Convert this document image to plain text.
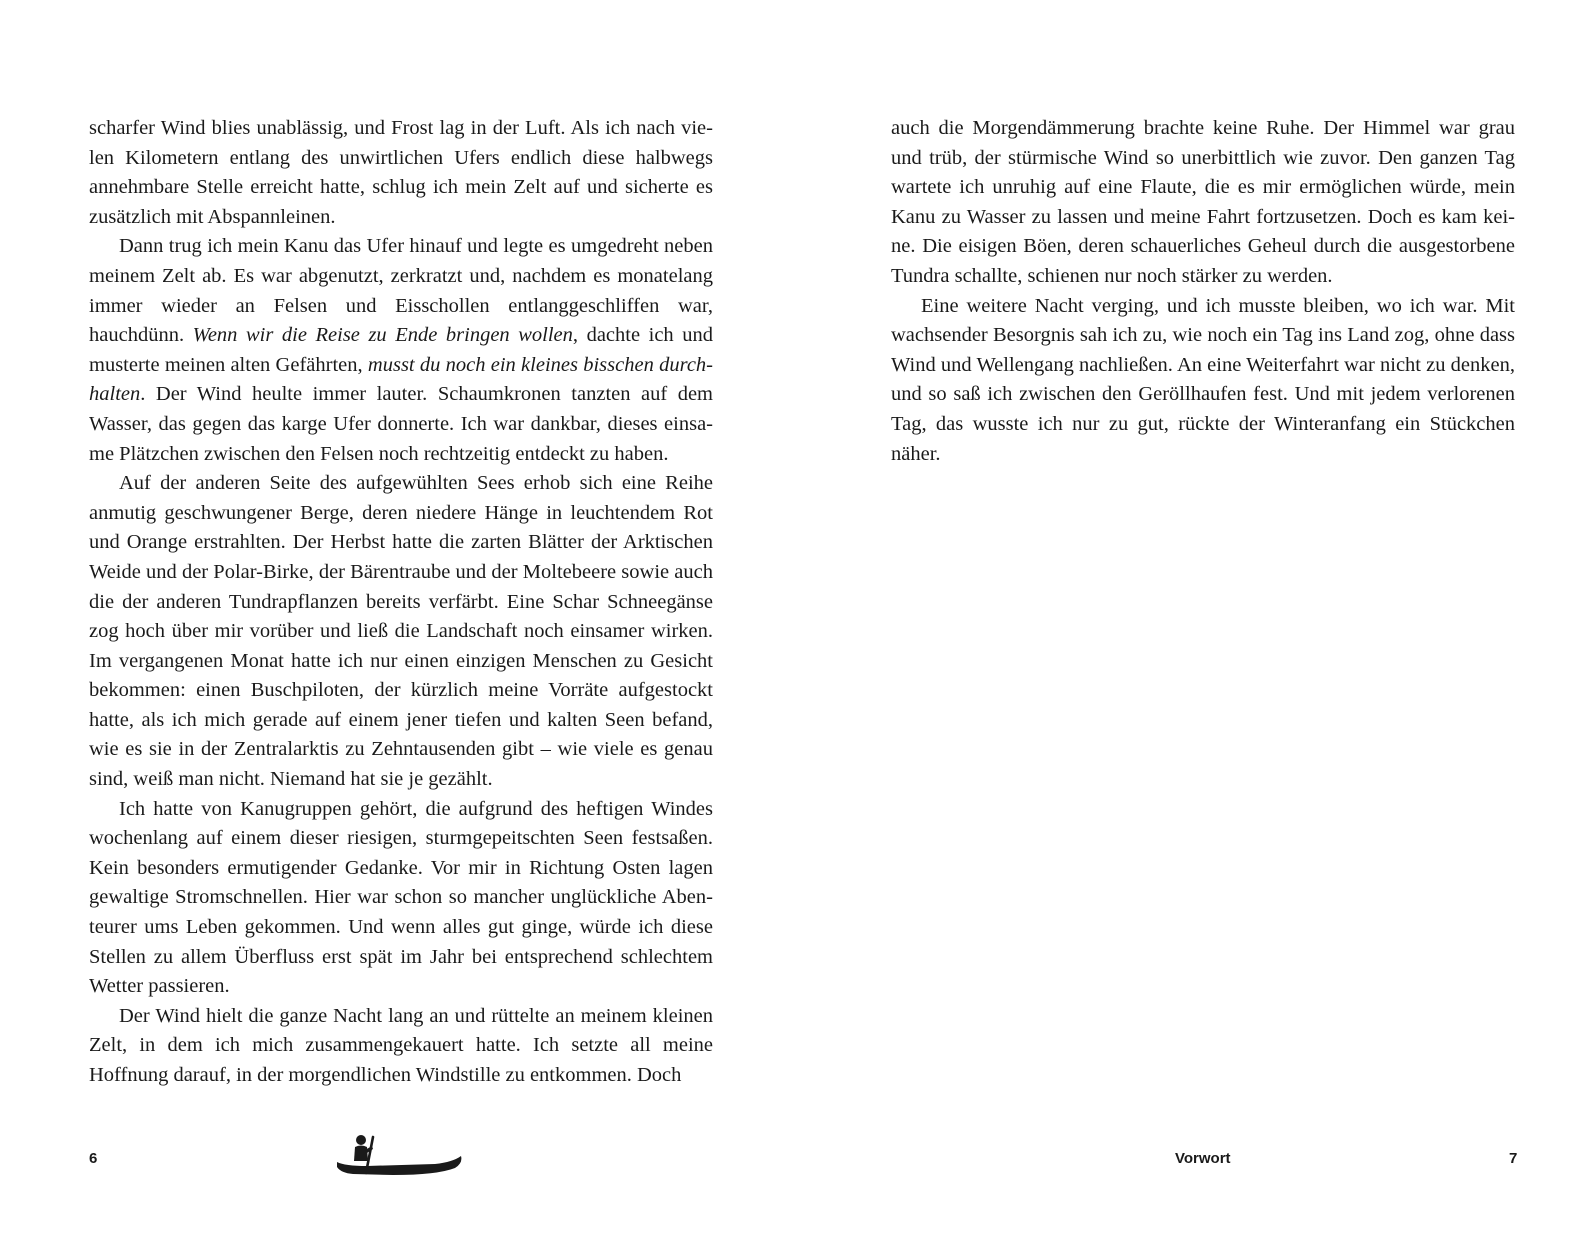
scharfer Wind blies unablässig, und Frost lag in der Luft. Als ich nach vielen Kilometern entlang des unwirtlichen Ufers endlich diese halbwegs annehmbare Stelle erreicht hatte, schlug ich mein Zelt auf und sicherte es zusätzlich mit Abspannleinen.

Dann trug ich mein Kanu das Ufer hinauf und legte es umgedreht neben meinem Zelt ab. Es war abgenutzt, zerkratzt und, nachdem es monatelang immer wieder an Felsen und Eisschollen entlanggeschliffen war, hauchdünn. Wenn wir die Reise zu Ende bringen wollen, dachte ich und musterte meinen alten Gefährten, musst du noch ein kleines bisschen durchhalten. Der Wind heulte immer lauter. Schaumkronen tanzten auf dem Wasser, das gegen das karge Ufer donnerte. Ich war dankbar, dieses einsame Plätzchen zwischen den Felsen noch rechtzeitig entdeckt zu haben.

Auf der anderen Seite des aufgewühlten Sees erhob sich eine Reihe anmutig geschwungener Berge, deren niedere Hänge in leuchtendem Rot und Orange erstrahlten. Der Herbst hatte die zarten Blätter der Arktischen Weide und der Polar-Birke, der Bärentraube und der Moltebeere sowie auch die der anderen Tundrapflanzen bereits verfärbt. Eine Schar Schneegänse zog hoch über mir vorüber und ließ die Landschaft noch einsamer wirken. Im vergangenen Monat hatte ich nur einen einzigen Menschen zu Gesicht bekommen: einen Buschpiloten, der kürzlich meine Vorräte aufgestockt hatte, als ich mich gerade auf einem jener tiefen und kalten Seen befand, wie es sie in der Zentralarktis zu Zehntausenden gibt – wie viele es genau sind, weiß man nicht. Niemand hat sie je gezählt.

Ich hatte von Kanugruppen gehört, die aufgrund des heftigen Windes wochenlang auf einem dieser riesigen, sturmgepeitschten Seen festsaßen. Kein besonders ermutigender Gedanke. Vor mir in Richtung Osten lagen gewaltige Stromschnellen. Hier war schon so mancher unglückliche Abenteurer ums Leben gekommen. Und wenn alles gut ginge, würde ich diese Stellen zu allem Überfluss erst spät im Jahr bei entsprechend schlechtem Wetter passieren.

Der Wind hielt die ganze Nacht lang an und rüttelte an meinem kleinen Zelt, in dem ich mich zusammengekauert hatte. Ich setzte all meine Hoffnung darauf, in der morgendlichen Windstille zu entkommen. Doch

auch die Morgendämmerung brachte keine Ruhe. Der Himmel war grau und trüb, der stürmische Wind so unerbittlich wie zuvor. Den ganzen Tag wartete ich unruhig auf eine Flaute, die es mir ermöglichen würde, mein Kanu zu Wasser zu lassen und meine Fahrt fortzusetzen. Doch es kam keine. Die eisigen Böen, deren schauerliches Geheul durch die ausgestorbene Tundra schallte, schienen nur noch stärker zu werden.

Eine weitere Nacht verging, und ich musste bleiben, wo ich war. Mit wachsender Besorgnis sah ich zu, wie noch ein Tag ins Land zog, ohne dass Wind und Wellengang nachließen. An eine Weiterfahrt war nicht zu denken, und so saß ich zwischen den Geröllhaufen fest. Und mit jedem verlorenen Tag, das wusste ich nur zu gut, rückte der Winteranfang ein Stückchen näher.

6	Vorwort	7
